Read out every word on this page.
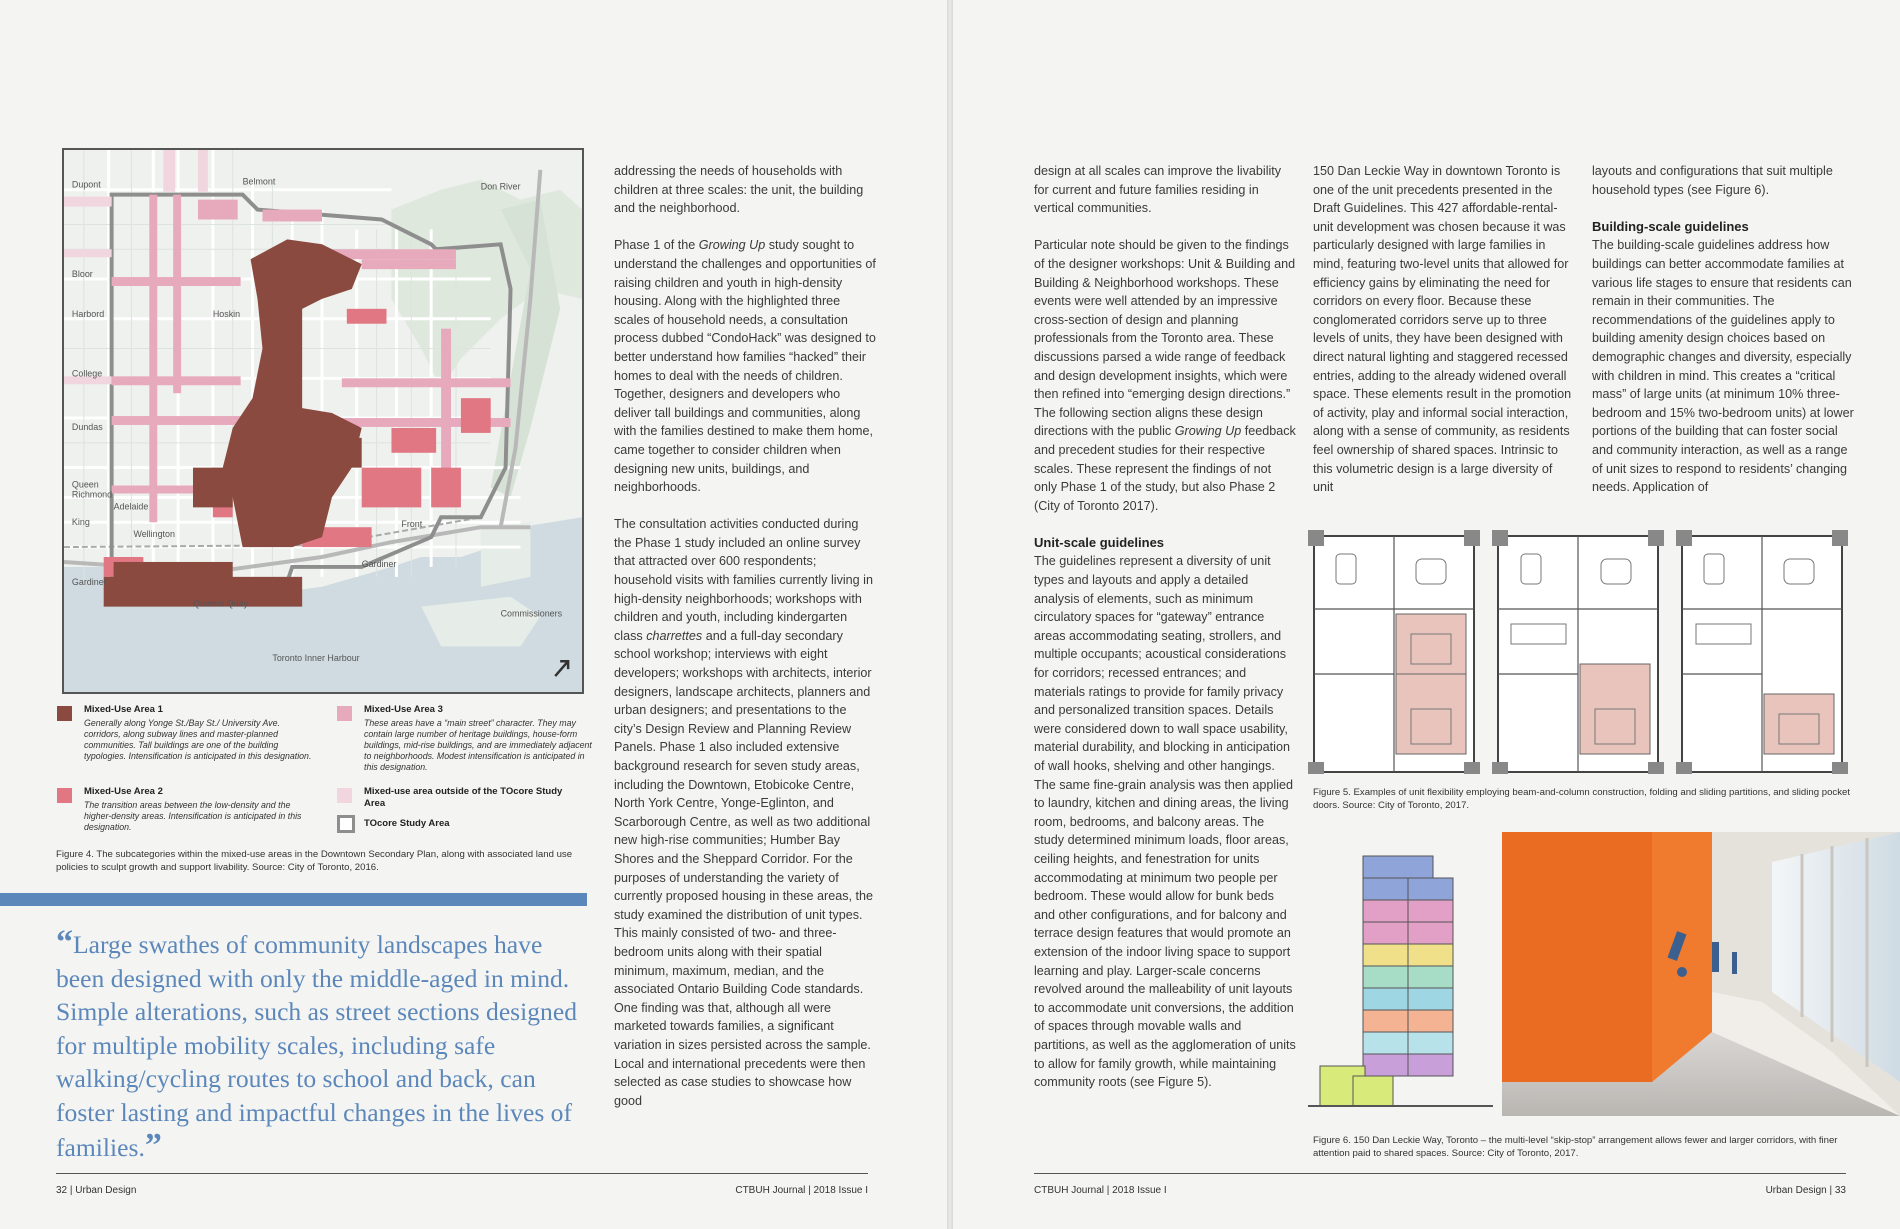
Dupont
Bloor
Harbord	Hoskin
College
Dundas
Queen
Richmond
Adelaide
King
Wellington
Gardiner
Gardiner
Front
Belmont
Queens Quay
Toronto Inner Harbour
Commissioners
Don River
Mixed-Use Area 1
Generally along Yonge St./Bay St./ University Ave. corridors, along subway lines and master-planned communities. Tall buildings are one of the building typologies. Intensification is anticipated in this designation.
Mixed-Use Area 2
The transition areas between the low-density and the higher-density areas. Intensification is anticipated in this designation.
Mixed-Use Area 3
These areas have a “main street” character. They may contain large number of heritage buildings, house-form buildings, mid-rise buildings, and are immediately adjacent to neighborhoods. Modest intensification is anticipated in this designation.
Mixed-use area outside of the TOcore Study Area
TOcore Study Area
Figure 4. The subcategories within the mixed-use areas in the Downtown Secondary Plan, along with associated land use policies to sculpt growth and support livability. Source: City of Toronto, 2016.
“Large swathes of community landscapes have been designed with only the middle-aged in mind. Simple alterations, such as street sections designed for multiple mobility scales, including safe walking/cycling routes to school and back, can foster lasting and impactful changes in the lives of families.”

addressing the needs of households with children at three scales: the unit, the building and the neighborhood.

Phase 1 of the Growing Up study sought to understand the challenges and opportunities of raising children and youth in high-density housing. Along with the highlighted three scales of household needs, a consultation process dubbed “CondoHack” was designed to better understand how families “hacked” their homes to deal with the needs of children. Together, designers and developers who deliver tall buildings and communities, along with the families destined to make them home, came together to consider children when designing new units, buildings, and neighborhoods.

The consultation activities conducted during the Phase 1 study included an online survey that attracted over 600 respondents; household visits with families currently living in high-density neighborhoods; workshops with children and youth, including kindergarten class charrettes and a full-day secondary school workshop; interviews with eight developers; workshops with architects, interior designers, landscape architects, planners and urban designers; and presentations to the city’s Design Review and Planning Review Panels. Phase 1 also included extensive background research for seven study areas, including the Downtown, Etobicoke Centre, North York Centre, Yonge-Eglinton, and Scarborough Centre, as well as two additional new high-rise communities; Humber Bay Shores and the Sheppard Corridor. For the purposes of understanding the variety of currently proposed housing in these areas, the study examined the distribution of unit types. This mainly consisted of two- and three-bedroom units along with their spatial minimum, maximum, median, and the associated Ontario Building Code standards. One finding was that, although all were marketed towards families, a significant variation in sizes persisted across the sample. Local and international precedents were then selected as case studies to showcase how good

32 | Urban Design	CTBUH Journal | 2018 Issue I

design at all scales can improve the livability for current and future families residing in vertical communities.

Particular note should be given to the findings of the designer workshops: Unit & Building and Building & Neighborhood workshops. These events were well attended by an impressive cross-section of design and planning professionals from the Toronto area. These discussions parsed a wide range of feedback and design development insights, which were then refined into “emerging design directions.” The following section aligns these design directions with the public Growing Up feedback and precedent studies for their respective scales. These represent the findings of not only Phase 1 of the study, but also Phase 2 (City of Toronto 2017).

Unit-scale guidelines

The guidelines represent a diversity of unit types and layouts and apply a detailed analysis of elements, such as minimum circulatory spaces for “gateway” entrance areas accommodating seating, strollers, and multiple occupants; acoustical considerations for corridors; recessed entrances; and materials ratings to provide for family privacy and personalized transition spaces. Details were considered down to wall space usability, material durability, and blocking in anticipation of wall hooks, shelving and other hangings. The same fine-grain analysis was then applied to laundry, kitchen and dining areas, the living room, bedrooms, and balcony areas. The study determined minimum loads, floor areas, ceiling heights, and fenestration for units accommodating at minimum two people per bedroom. These would allow for bunk beds and other configurations, and for balcony and terrace design features that would promote an extension of the indoor living space to support learning and play. Larger-scale concerns revolved around the malleability of unit layouts to accommodate unit conversions, the addition of spaces through movable walls and partitions, as well as the agglomeration of units to allow for family growth, while maintaining community roots (see Figure 5).

150 Dan Leckie Way in downtown Toronto is one of the unit precedents presented in the Draft Guidelines. This 427 affordable-rental-unit development was chosen because it was particularly designed with large families in mind, featuring two-level units that allowed for efficiency gains by eliminating the need for corridors on every floor. Because these conglomerated corridors serve up to three levels of units, they have been designed with direct natural lighting and staggered recessed entries, adding to the already widened overall space. These elements result in the promotion of activity, play and informal social interaction, along with a sense of community, as residents feel ownership of shared spaces. Intrinsic to this volumetric design is a large diversity of unit

layouts and configurations that suit multiple household types (see Figure 6).

Building-scale guidelines

The building-scale guidelines address how buildings can better accommodate families at various life stages to ensure that residents can remain in their communities. The recommendations of the guidelines apply to building amenity design choices based on demographic changes and diversity, especially with children in mind. This creates a “critical mass” of large units (at minimum 10% three-bedroom and 15% two-bedroom units) at lower portions of the building that can foster social and community interaction, as well as a range of unit sizes to respond to residents’ changing needs. Application of

Figure 5. Examples of unit flexibility employing beam-and-column construction, folding and sliding partitions, and sliding pocket doors. Source: City of Toronto, 2017.
Figure 6. 150 Dan Leckie Way, Toronto – the multi-level “skip-stop” arrangement allows fewer and larger corridors, with finer attention paid to shared spaces. Source: City of Toronto, 2017.
CTBUH Journal | 2018 Issue I	Urban Design | 33
